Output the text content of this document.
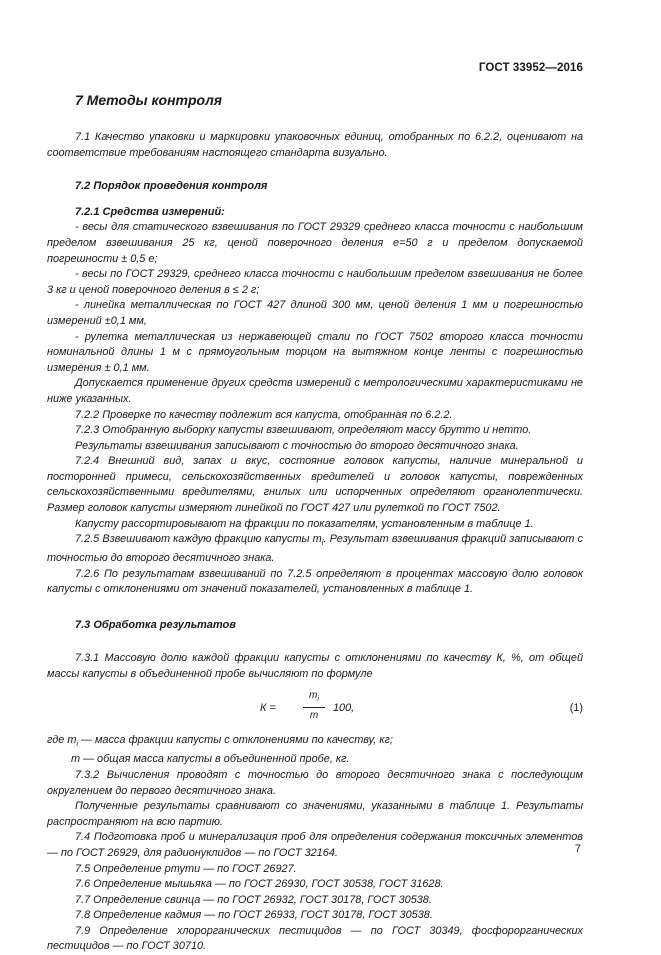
ГОСТ 33952—2016
7 Методы контроля

7.1 Качество упаковки и маркировки упаковочных единиц, отобранных по 6.2.2, оценивают на соответствие требованиям настоящего стандарта визуально.

7.2 Порядок проведения контроля
7.2.1 Средства измерений:

- весы для статического взвешивания по ГОСТ 29329 среднего класса точности с наибольшим пределом взвешивания 25 кг, ценой поверочного деления е=50 г и пределом допускаемой погрешности ± 0,5 е;

- весы по ГОСТ 29329, среднего класса точности с наибольшим пределом взвешивания не более 3 кг и ценой поверочного деления в ≤ 2 г;

- линейка металлическая по ГОСТ 427 длиной 300 мм, ценой деления 1 мм и погрешностью измерений ±0,1 мм,

- рулетка металлическая из нержавеющей стали по ГОСТ 7502 второго класса точности номинальной длины 1 м с прямоугольным торцом на вытяжном конце ленты с погрешностью измерения ± 0,1 мм.

Допускается применение других средств измерений с метрологическими характеристиками не ниже указанных.

7.2.2 Проверке по качеству подлежит вся капуста, отобранная по 6.2.2.

7.2.3 Отобранную выборку капусты взвешивают, определяют массу брутто и нетто.

Результаты взвешивания записывают с точностью до второго десятичного знака.

7.2.4 Внешний вид, запах и вкус, состояние головок капусты, наличие минеральной и посторонней примеси, сельскохозяйственных вредителей и головок капусты, поврежденных сельскохозяйственными вредителями, гнилых или испорченных определяют органолептически. Размер головок капусты измеряют линейкой по ГОСТ 427 или рулеткой по ГОСТ 7502.

Капусту рассортировывают на фракции по показателям, установленным в таблице 1.

7.2.5 Взвешивают каждую фракцию капусты $m_i$. Результат взвешивания фракций записывают с точностью до второго десятичного знака.

7.2.6 По результатам взвешиваний по 7.2.5 определяют в процентах массовую долю головок капусты с отклонениями от значений показателей, установленных в таблице 1.

7.3 Обработка результатов

7.3.1 Массовую долю каждой фракции капусты с отклонениями по качеству К, %, от общей массы капусты в объединенной пробе вычисляют по формуле

К =	$\frac{m_i}{m} 100$,	(1)

где $m_i$ — масса фракции капусты с отклонениями по качеству, кг;

m — общая масса капусты в объединенной пробе, кг.

7.3.2 Вычисления проводят с точностью до второго десятичного знака с последующим округлением до первого десятичного знака.

Полученные результаты сравнивают со значениями, указанными в таблице 1. Результаты распространяют на всю партию.

7.4 Подготовка проб и минерализация проб для определения содержания токсичных элементов — по ГОСТ 26929, для радионуклидов — по ГОСТ 32164.

7.5 Определение ртути — по ГОСТ 26927.

7.6 Определение мышьяка — по ГОСТ 26930, ГОСТ 30538, ГОСТ 31628.

7.7 Определение свинца — по ГОСТ 26932, ГОСТ 30178, ГОСТ 30538.

7.8 Определение кадмия — по ГОСТ 26933, ГОСТ 30178, ГОСТ 30538.

7.9 Определение хлорорганических пестицидов — по ГОСТ 30349, фосфорорганических пестицидов — по ГОСТ 30710.

7
